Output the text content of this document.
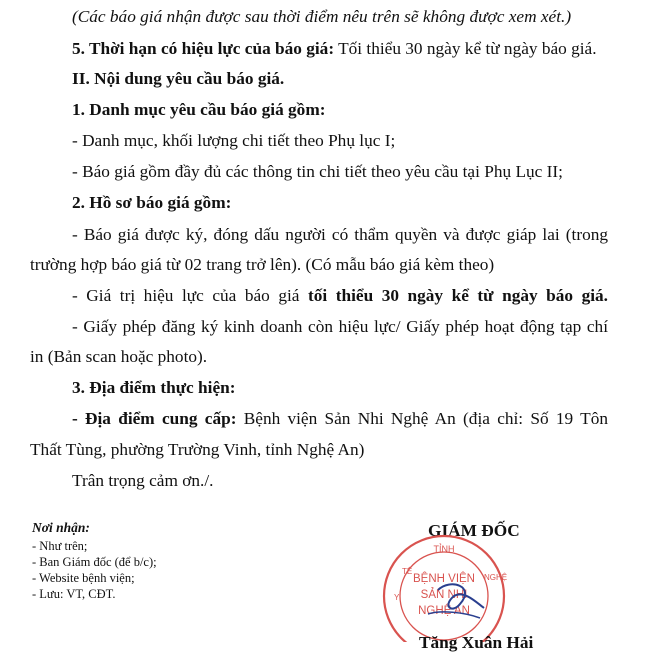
(Các báo giá nhận được sau thời điểm nêu trên sẽ không được xem xét.)
5. Thời hạn có hiệu lực của báo giá: Tối thiểu 30 ngày kể từ ngày báo giá.
II. Nội dung yêu cầu báo giá.
1. Danh mục yêu cầu báo giá gồm:
- Danh mục, khối lượng chi tiết theo Phụ lục I;
- Báo giá gồm đầy đủ các thông tin chi tiết theo yêu cầu tại Phụ Lục II;
2. Hồ sơ báo giá gồm:
- Báo giá được ký, đóng dấu người có thẩm quyền và được giáp lai (trong
trường hợp báo giá từ 02 trang trở lên). (Có mẫu báo giá kèm theo)
- Giá trị hiệu lực của báo giá tối thiểu 30 ngày kể từ ngày báo giá.
- Giấy phép đăng ký kinh doanh còn hiệu lực/ Giấy phép hoạt động tạp chí
in (Bản scan hoặc photo).
3. Địa điểm thực hiện:
- Địa điểm cung cấp: Bệnh viện Sản Nhi Nghệ An (địa chỉ: Số 19 Tôn
Thất Tùng, phường Trường Vinh, tỉnh Nghệ An)
Trân trọng cảm ơn./.
Nơi nhận:
- Như trên;
- Ban Giám đốc (để b/c);
- Website bệnh viện;
- Lưu: VT, CĐT.
GIÁM ĐỐC
TỈNH
BỆNH VIỆN
SẢN NHI
NGHỆ AN
Y
TẾ
NGHỆ
Tăng Xuân Hải
